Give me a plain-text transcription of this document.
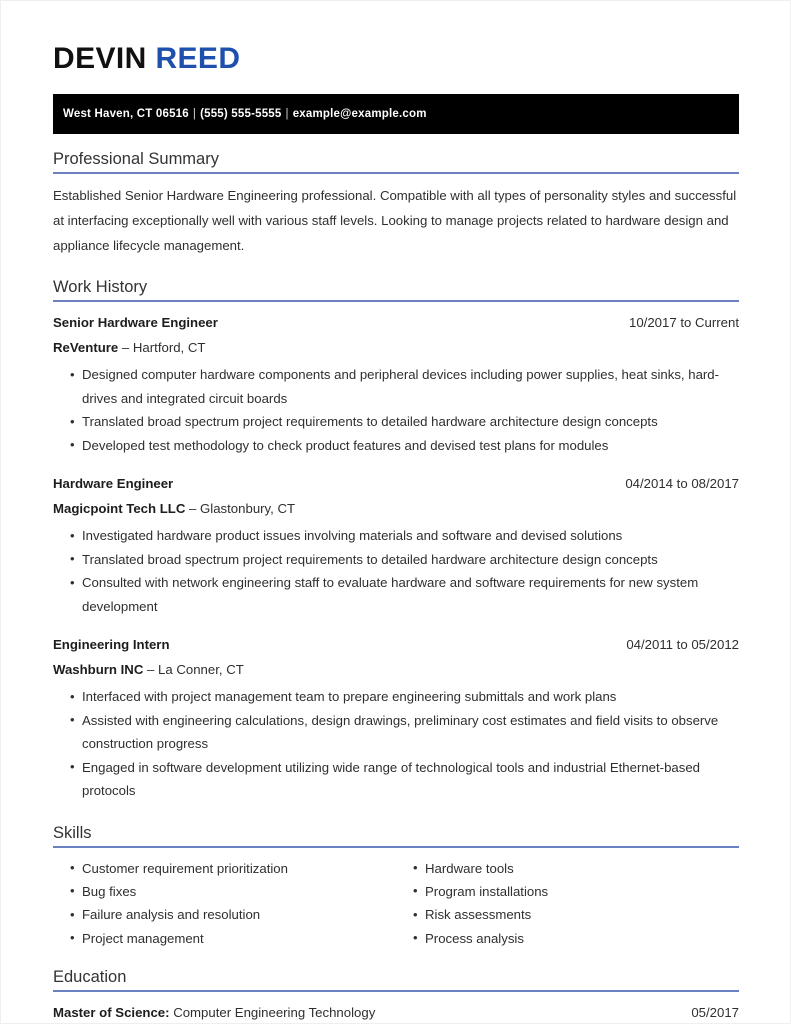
DEVIN REED
West Haven, CT 06516 | (555) 555-5555 | example@example.com
Professional Summary
Established Senior Hardware Engineering professional. Compatible with all types of personality styles and successful at interfacing exceptionally well with various staff levels. Looking to manage projects related to hardware design and appliance lifecycle management.
Work History
Senior Hardware Engineer	10/2017 to Current
ReVenture – Hartford, CT
• Designed computer hardware components and peripheral devices including power supplies, heat sinks, hard-drives and integrated circuit boards
• Translated broad spectrum project requirements to detailed hardware architecture design concepts
• Developed test methodology to check product features and devised test plans for modules
Hardware Engineer	04/2014 to 08/2017
Magicpoint Tech LLC – Glastonbury, CT
• Investigated hardware product issues involving materials and software and devised solutions
• Translated broad spectrum project requirements to detailed hardware architecture design concepts
• Consulted with network engineering staff to evaluate hardware and software requirements for new system development
Engineering Intern	04/2011 to 05/2012
Washburn INC – La Conner, CT
• Interfaced with project management team to prepare engineering submittals and work plans
• Assisted with engineering calculations, design drawings, preliminary cost estimates and field visits to observe construction progress
• Engaged in software development utilizing wide range of technological tools and industrial Ethernet-based protocols
Skills
• Customer requirement prioritization
• Bug fixes
• Failure analysis and resolution
• Project management
• Hardware tools
• Program installations
• Risk assessments
• Process analysis
Education
Master of Science: Computer Engineering Technology	05/2017
